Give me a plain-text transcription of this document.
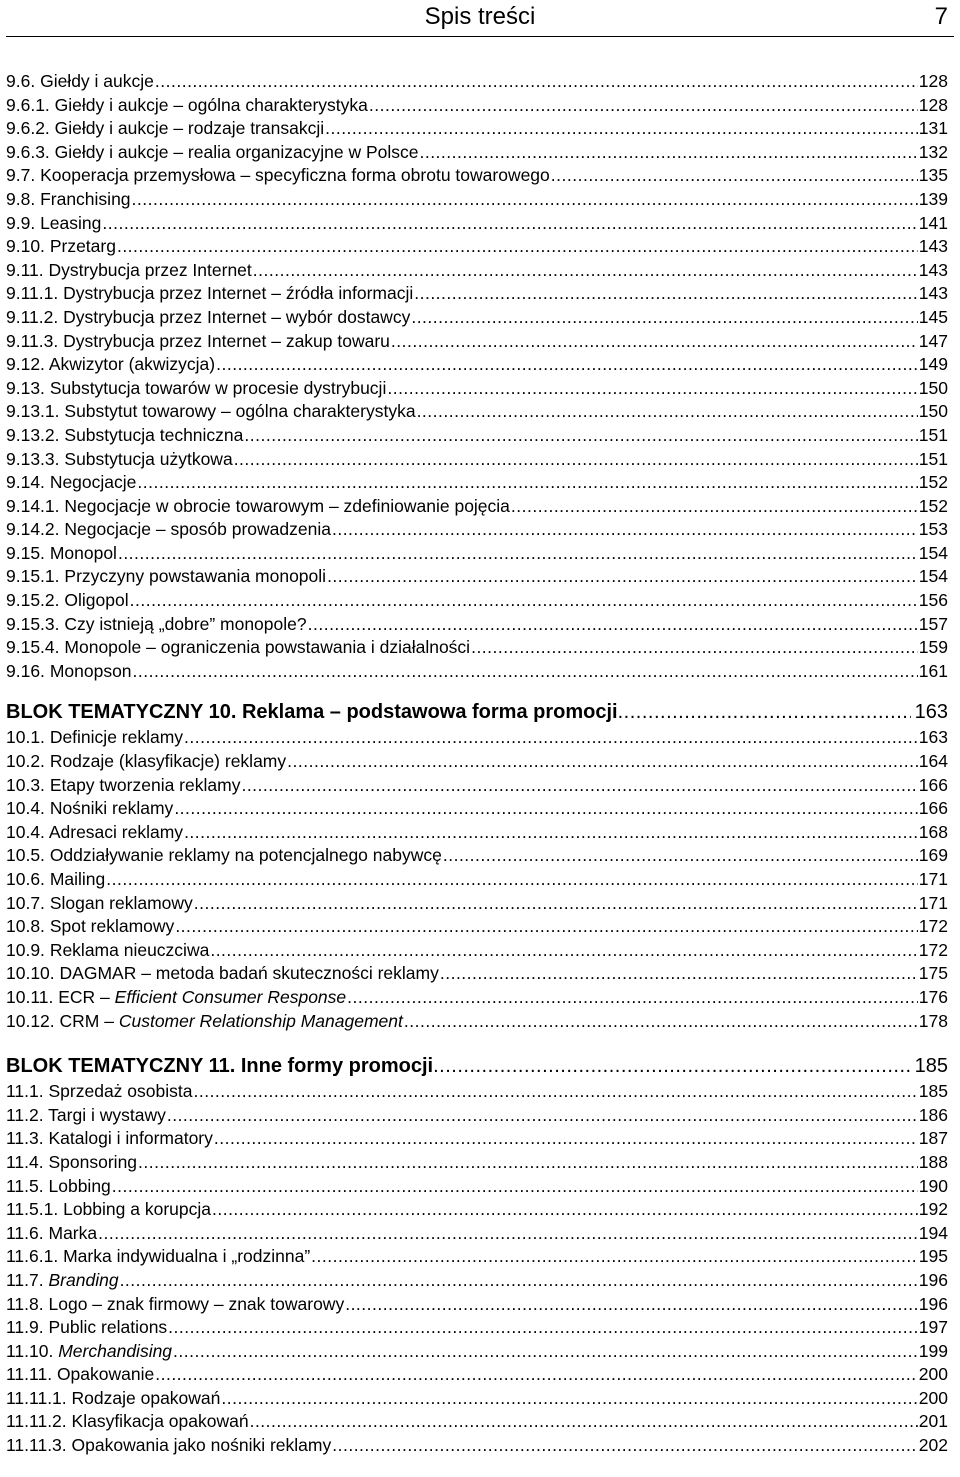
Spis treści	7
9.6. Giełdy i aukcje .....	128
9.6.1. Giełdy i aukcje – ogólna charakterystyka .....	128
9.6.2. Giełdy i aukcje – rodzaje transakcji .....	131
9.6.3. Giełdy i aukcje – realia organizacyjne w Polsce .....	132
9.7. Kooperacja przemysłowa – specyficzna forma obrotu towarowego .....	135
9.8. Franchising .....	139
9.9. Leasing .....	141
9.10. Przetarg .....	143
9.11. Dystrybucja przez Internet .....	143
9.11.1. Dystrybucja przez Internet – źródła informacji .....	143
9.11.2. Dystrybucja przez Internet – wybór dostawcy .....	145
9.11.3. Dystrybucja przez Internet – zakup towaru .....	147
9.12. Akwizytor (akwizycja) .....	149
9.13. Substytucja towarów w procesie dystrybucji .....	150
9.13.1. Substytut towarowy – ogólna charakterystyka .....	150
9.13.2. Substytucja techniczna .....	151
9.13.3. Substytucja użytkowa .....	151
9.14. Negocjacje .....	152
9.14.1. Negocjacje w obrocie towarowym – zdefiniowanie pojęcia .....	152
9.14.2. Negocjacje – sposób prowadzenia .....	153
9.15. Monopol .....	154
9.15.1. Przyczyny powstawania monopoli .....	154
9.15.2. Oligopol .....	156
9.15.3. Czy istnieją „dobre” monopole? .....	157
9.15.4. Monopole – ograniczenia powstawania i działalności .....	159
9.16. Monopson .....	161
BLOK TEMATYCZNY 10. Reklama – podstawowa forma promocji .....	163
10.1. Definicje reklamy .....	163
10.2. Rodzaje (klasyfikacje) reklamy .....	164
10.3. Etapy tworzenia reklamy .....	166
10.4. Nośniki reklamy .....	166
10.4. Adresaci reklamy .....	168
10.5. Oddziaływanie reklamy na potencjalnego nabywcę .....	169
10.6. Mailing .....	171
10.7. Slogan reklamowy .....	171
10.8. Spot reklamowy .....	172
10.9. Reklama nieuczciwa .....	172
10.10. DAGMAR – metoda badań skuteczności reklamy .....	175
10.11. ECR – Efficient Consumer Response .....	176
10.12. CRM – Customer Relationship Management .....	178
BLOK TEMATYCZNY 11. Inne formy promocji .....	185
11.1. Sprzedaż osobista .....	185
11.2. Targi i wystawy .....	186
11.3. Katalogi i informatory .....	187
11.4. Sponsoring .....	188
11.5. Lobbing .....	190
11.5.1. Lobbing a korupcja .....	192
11.6. Marka .....	194
11.6.1. Marka indywidualna i „rodzinna” .....	195
11.7. Branding .....	196
11.8. Logo – znak firmowy – znak towarowy .....	196
11.9. Public relations .....	197
11.10. Merchandising .....	199
11.11. Opakowanie .....	200
11.11.1. Rodzaje opakowań .....	200
11.11.2. Klasyfikacja opakowań .....	201
11.11.3. Opakowania jako nośniki reklamy .....	202
